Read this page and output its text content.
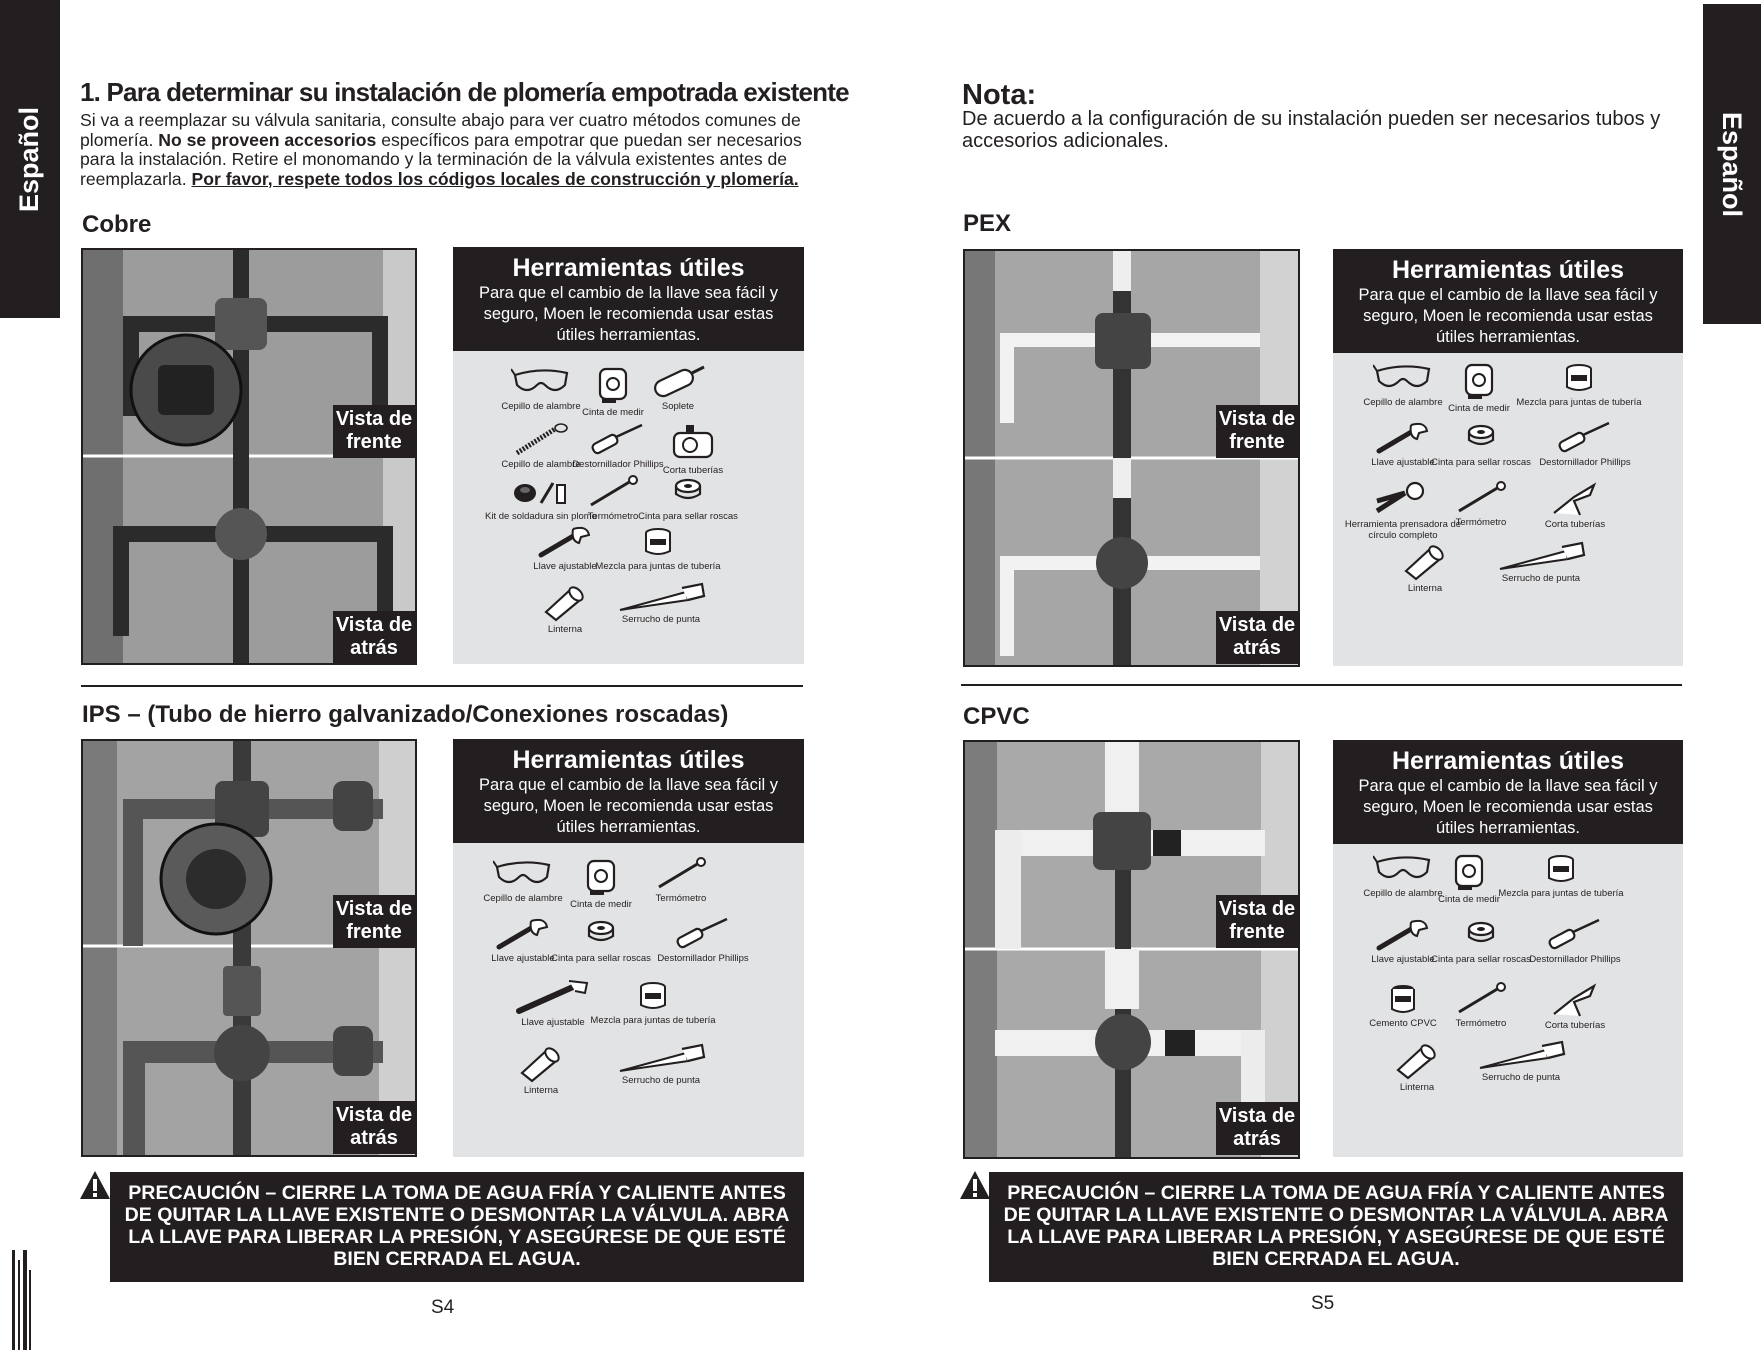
Español	Español
1. Para determinar su instalación de plomería empotrada existente
Si va a reemplazar su válvula sanitaria, consulte abajo para ver cuatro métodos comunes de plomería. No se proveen accesorios específicos para empotrar que puedan ser necesarios para la instalación. Retire el monomando y la terminación de la válvula existentes antes de reemplazarla. Por favor, respete todos los códigos locales de construcción y plomería.
Nota:
De acuerdo a la configuración de su instalación pueden ser necesarios tubos y accesorios adicionales.
Cobre
Vista de frente
Vista de atrás
Herramientas útiles
Para que el cambio de la llave sea fácil y seguro, Moen le recomienda usar estas útiles herramientas.
Cepillo de alambre
Cinta de medir
Soplete
Cepillo de alambre
Destornillador Phillips
Corta tuberías
Kit de soldadura sin plomo
Termómetro Cinta para sellar roscas
Llave ajustable
Mezcla para juntas de tubería
Linterna
Serrucho de punta
IPS – (Tubo de hierro galvanizado/Conexiones roscadas)
Vista de frente
Vista de atrás
Herramientas útiles
Para que el cambio de la llave sea fácil y seguro, Moen le recomienda usar estas útiles herramientas.
Cepillo de alambre
Cinta de medir
Termómetro
Llave ajustable
Cinta para sellar roscas Destornillador Phillips
Llave ajustable Mezcla para juntas de tubería
Linterna
Serrucho de punta
PRECAUCIÓN – CIERRE LA TOMA DE AGUA FRÍA Y CALIENTE ANTES DE QUITAR LA LLAVE EXISTENTE O DESMONTAR LA VÁLVULA. ABRA LA LLAVE PARA LIBERAR LA PRESIÓN, Y ASEGÚRESE DE QUE ESTÉ BIEN CERRADA EL AGUA.
S4
PEX
Vista de frente
Vista de atrás
Herramientas útiles
Para que el cambio de la llave sea fácil y seguro, Moen le recomienda usar estas útiles herramientas.
Cepillo de alambre
Cinta de medir
Mezcla para juntas de tubería
Llave ajustable
Cinta para sellar roscas Destornillador Phillips
Herramienta prensadora de círculo completo
Termómetro	Corta tuberías
Linterna
Serrucho de punta
CPVC
Vista de frente
Vista de atrás
Herramientas útiles
Para que el cambio de la llave sea fácil y seguro, Moen le recomienda usar estas útiles herramientas.
Cepillo de alambre
Cinta de medir
Mezcla para juntas de tubería
Llave ajustable
Cinta para sellar roscas
Destornillador Phillips
Cemento CPVC	Termómetro	Corta tuberías
Linterna
Serrucho de punta
PRECAUCIÓN – CIERRE LA TOMA DE AGUA FRÍA Y CALIENTE ANTES DE QUITAR LA LLAVE EXISTENTE O DESMONTAR LA VÁLVULA. ABRA LA LLAVE PARA LIBERAR LA PRESIÓN, Y ASEGÚRESE DE QUE ESTÉ BIEN CERRADA EL AGUA.
S5
